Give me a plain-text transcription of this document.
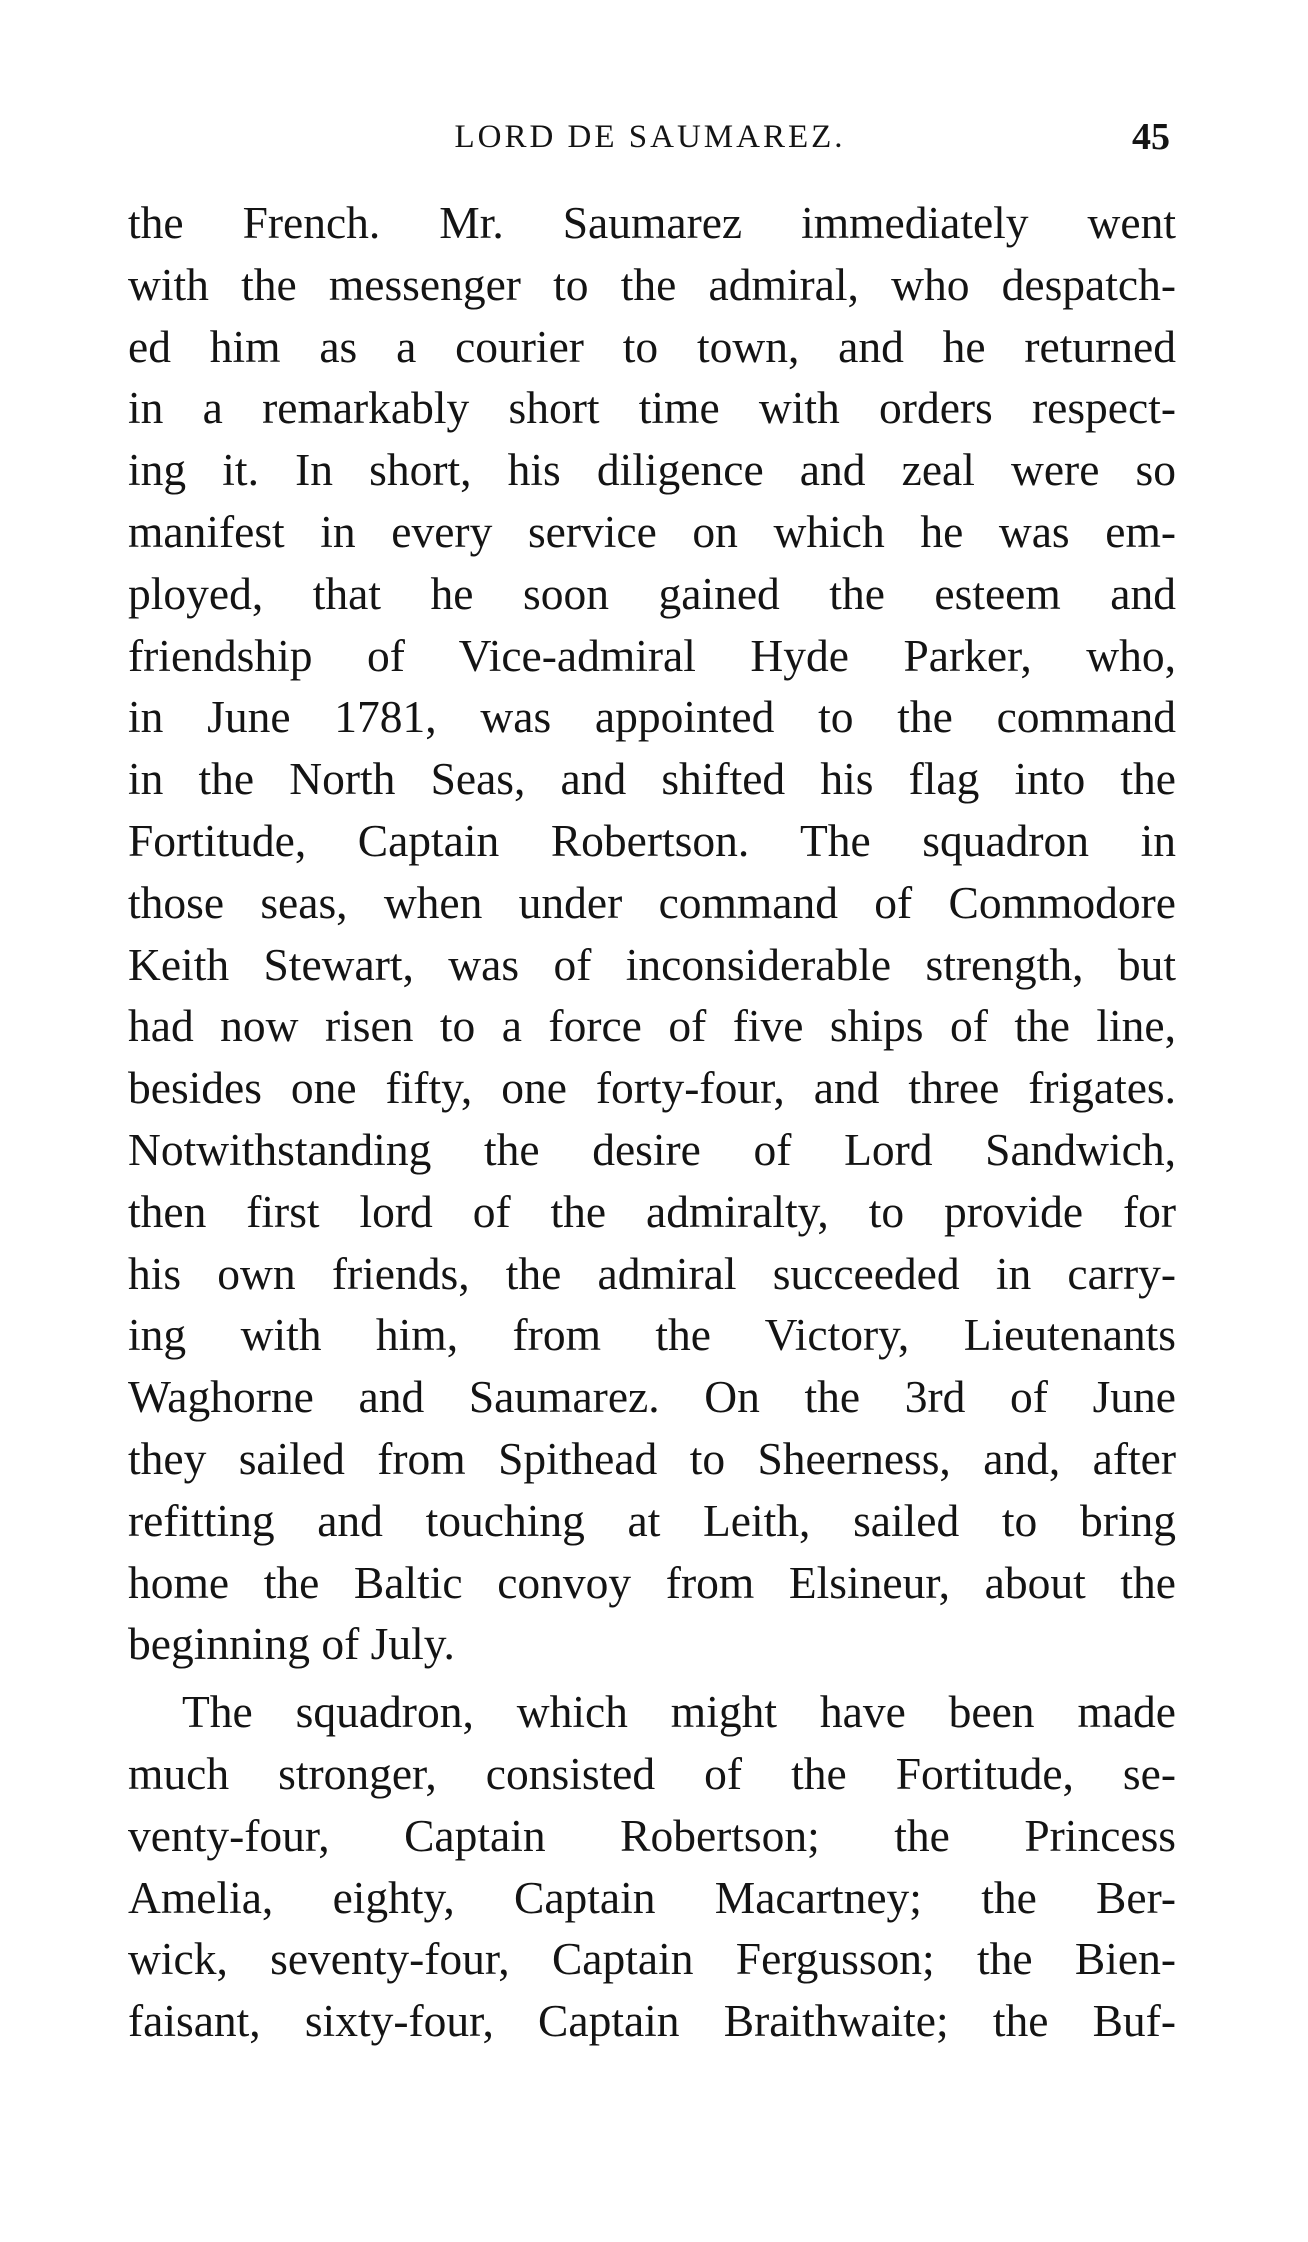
LORD DE SAUMAREZ.	45
the French. Mr. Saumarez immediately went
with the messenger to the admiral, who despatch-
ed him as a courier to town, and he returned
in a remarkably short time with orders respect-
ing it. In short, his diligence and zeal were so
manifest in every service on which he was em-
ployed, that he soon gained the esteem and
friendship of Vice-admiral Hyde Parker, who,
in June 1781, was appointed to the command
in the North Seas, and shifted his flag into the
Fortitude, Captain Robertson. The squadron in
those seas, when under command of Commodore
Keith Stewart, was of inconsiderable strength, but
had now risen to a force of five ships of the line,
besides one fifty, one forty-four, and three frigates.
Notwithstanding the desire of Lord Sandwich,
then first lord of the admiralty, to provide for
his own friends, the admiral succeeded in carry-
ing with him, from the Victory, Lieutenants
Waghorne and Saumarez. On the 3rd of June
they sailed from Spithead to Sheerness, and, after
refitting and touching at Leith, sailed to bring
home the Baltic convoy from Elsineur, about the
beginning of July.
The squadron, which might have been made
much stronger, consisted of the Fortitude, se-
venty-four, Captain Robertson; the Princess
Amelia, eighty, Captain Macartney; the Ber-
wick, seventy-four, Captain Fergusson; the Bien-
faisant, sixty-four, Captain Braithwaite; the Buf-
